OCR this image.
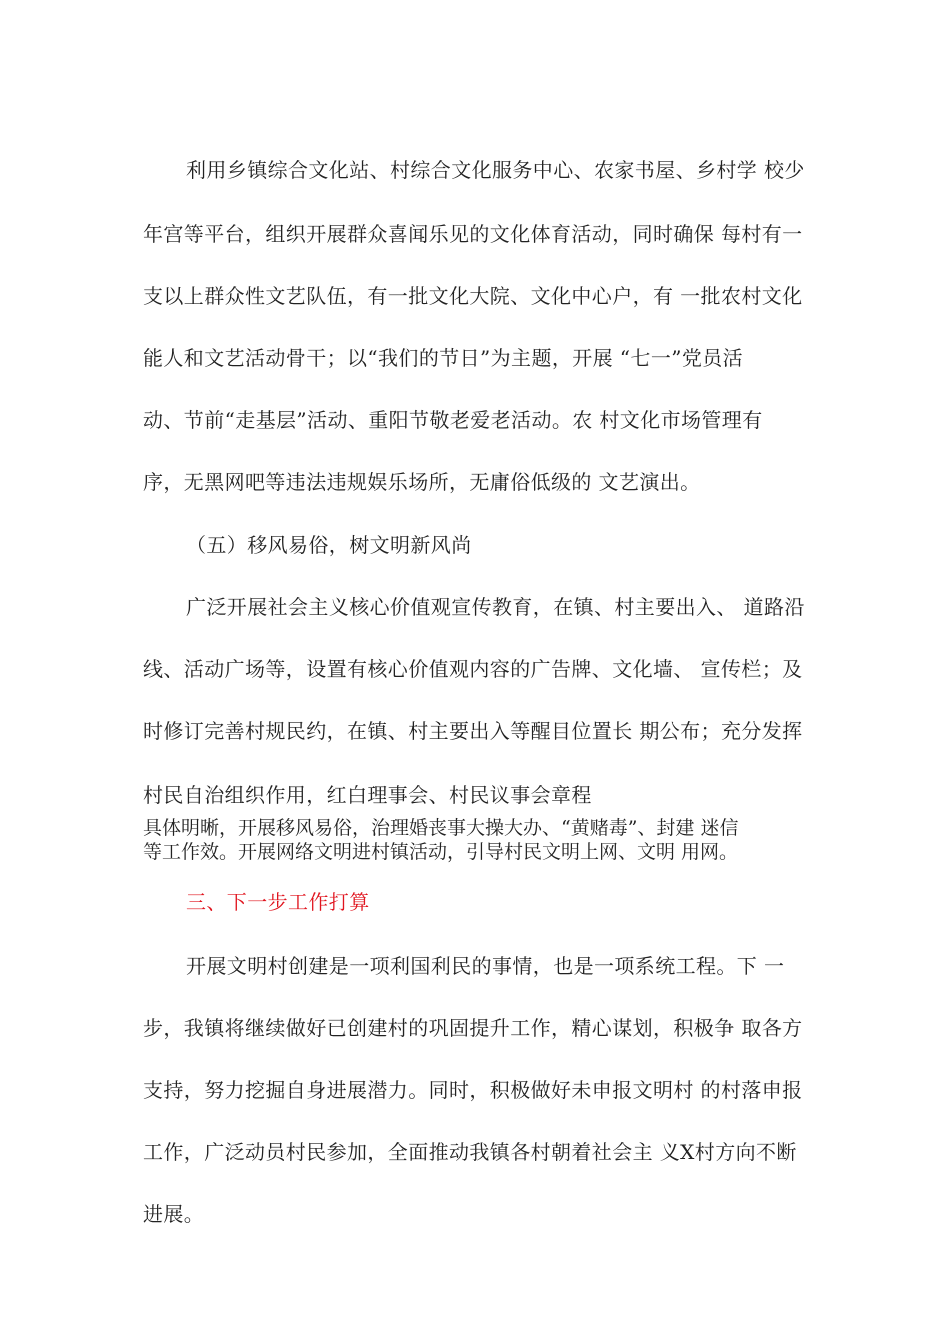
利用乡镇综合文化站、村综合文化服务中心、农家书屋、乡村学 校少
年宫等平台，组织开展群众喜闻乐见的文化体育活动，同时确保 每村有一
支以上群众性文艺队伍，有一批文化大院、文化中心户，有 一批农村文化
能人和文艺活动骨干；以“我们的节日”为主题，开展 “七一”党员活
动、节前“走基层”活动、重阳节敬老爱老活动。农 村文化市场管理有
序，无黑网吧等违法违规娱乐场所，无庸俗低级的 文艺演出。
（五）移风易俗，树文明新风尚
广泛开展社会主义核心价值观宣传教育，在镇、村主要出入、 道路沿
线、活动广场等，设置有核心价值观内容的广告牌、文化墙、 宣传栏；及
时修订完善村规民约，在镇、村主要出入等醒目位置长 期公布；充分发挥
村民自治组织作用，红白理事会、村民议事会章程
具体明晰，开展移风易俗，治理婚丧事大操大办、“黄赌毒”、封建 迷信
等工作效。开展网络文明进村镇活动，引导村民文明上网、文明 用网。
三、下一步工作打算
开展文明村创建是一项利国利民的事情，也是一项系统工程。下 一
步，我镇将继续做好已创建村的巩固提升工作，精心谋划，积极争 取各方
支持，努力挖掘自身进展潜力。同时，积极做好未申报文明村 的村落申报
工作，广泛动员村民参加，全面推动我镇各村朝着社会主 义X村方向不断
进展。
